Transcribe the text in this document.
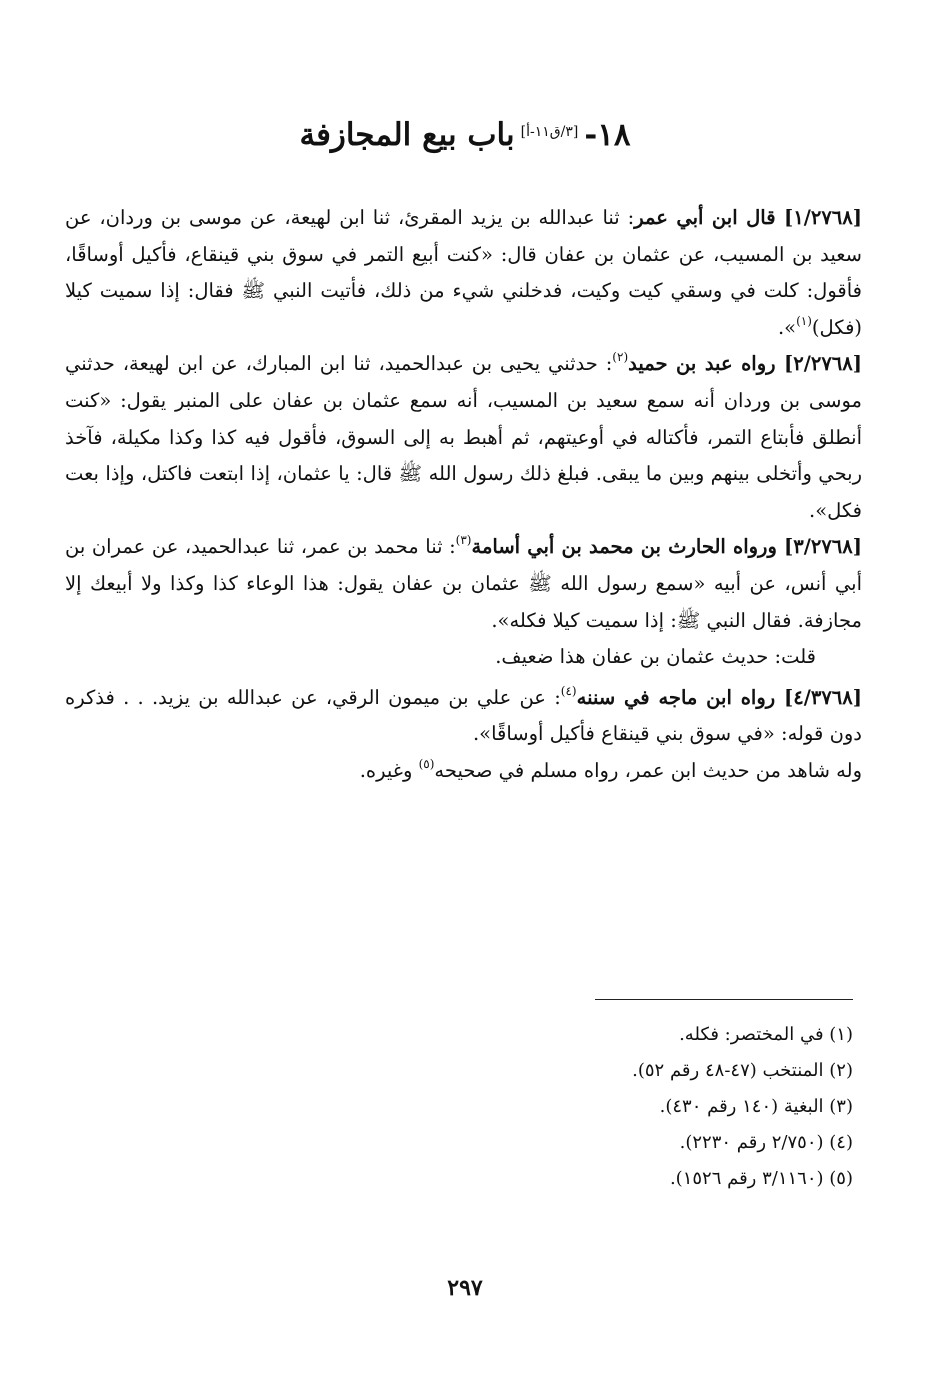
١٨-[٣/ق١١-أ]باب بيع المجازفة

[١/٢٧٦٨] قال ابن أبي عمر: ثنا عبدالله بن يزيد المقرئ، ثنا ابن لهيعة، عن موسى بن وردان، عن سعيد بن المسيب، عن عثمان بن عفان قال: «كنت أبيع التمر في سوق بني قينقاع، فأكيل أوساقًا، فأقول: كلت في وسقي كيت وكيت، فدخلني شيء من ذلك، فأتيت النبي ﷺ فقال: إذا سميت كيلا (فكل)$^{(١)}$».

[٢/٢٧٦٨] رواه عبد بن حميد$^{(٢)}$: حدثني يحيى بن عبدالحميد، ثنا ابن المبارك، عن ابن لهيعة، حدثني موسى بن وردان أنه سمع سعيد بن المسيب، أنه سمع عثمان بن عفان على المنبر يقول: «كنت أنطلق فأبتاع التمر، فأكتاله في أوعيتهم، ثم أهبط به إلى السوق، فأقول فيه كذا وكذا مكيلة، فآخذ ربحي وأتخلى بينهم وبين ما يبقى. فبلغ ذلك رسول الله ﷺ قال: يا عثمان، إذا ابتعت فاكتل، وإذا بعت فكل».

[٣/٢٧٦٨] ورواه الحارث بن محمد بن أبي أسامة$^{(٣)}$: ثنا محمد بن عمر، ثنا عبدالحميد، عن عمران بن أبي أنس، عن أبيه «سمع رسول الله ﷺ عثمان بن عفان يقول: هذا الوعاء كذا وكذا ولا أبيعك إلا مجازفة. فقال النبي ﷺ: إذا سميت كيلا فكله».

قلت: حديث عثمان بن عفان هذا ضعيف.

[٤/٣٧٦٨] رواه ابن ماجه في سننه$^{(٤)}$: عن علي بن ميمون الرقي، عن عبدالله بن يزيد. . . فذكره دون قوله: «في سوق بني قينقاع فأكيل أوساقًا».

وله شاهد من حديث ابن عمر، رواه مسلم في صحيحه$^{(٥)}$ وغيره.

(١) في المختصر: فكله.
(٢) المنتخب (٤٧-٤٨ رقم ٥٢).
(٣) البغية (١٤٠ رقم ٤٣٠).
(٤) (٢/٧٥٠ رقم ٢٢٣٠).
(٥) (٣/١١٦٠ رقم ١٥٢٦).
٢٩٧
